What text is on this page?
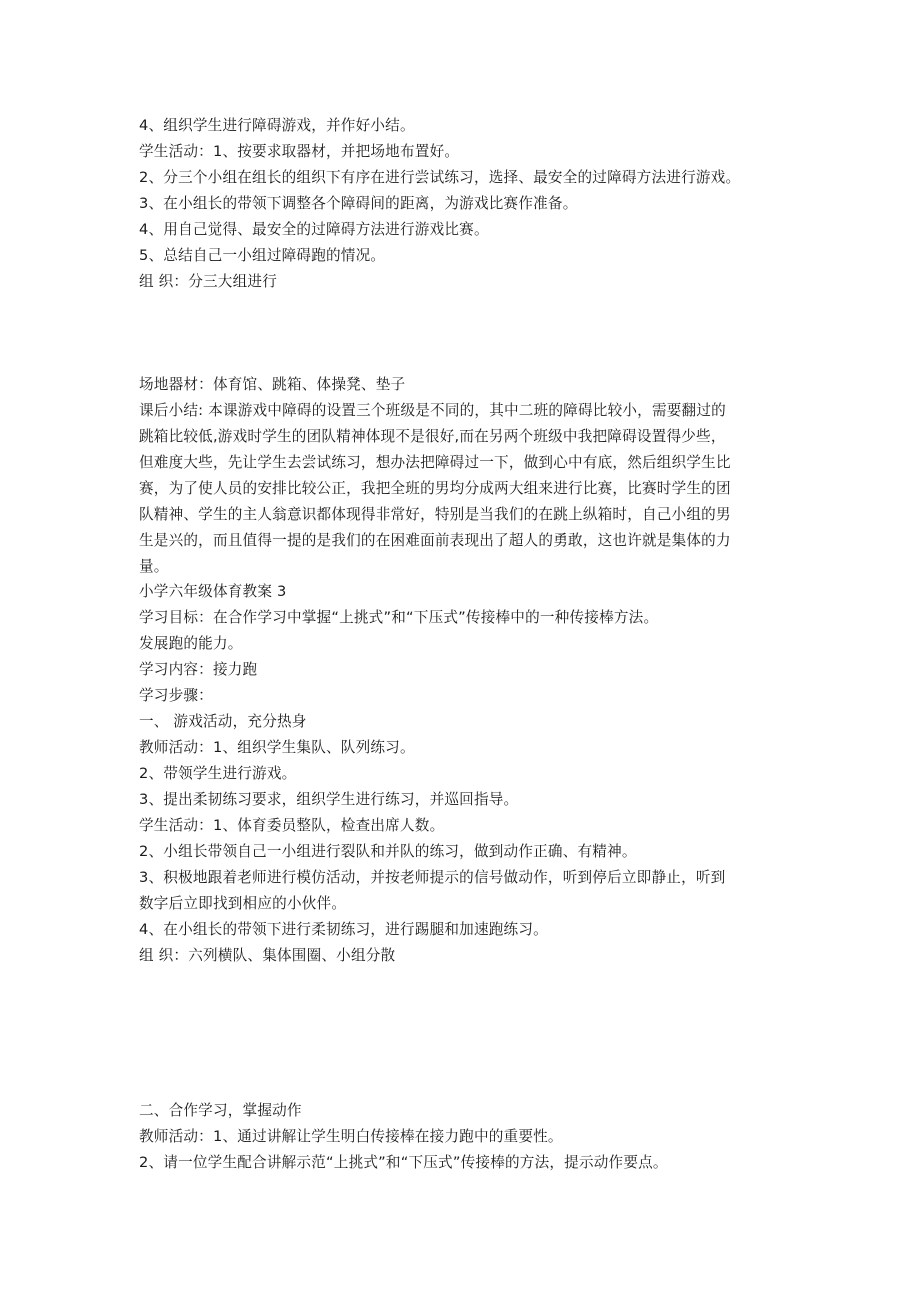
4、组织学生进行障碍游戏，并作好小结。
学生活动：1、按要求取器材，并把场地布置好。
2、分三个小组在组长的组织下有序在进行尝试练习，选择、最安全的过障碍方法进行游戏。
3、在小组长的带领下调整各个障碍间的距离，为游戏比赛作准备。
4、用自己觉得、最安全的过障碍方法进行游戏比赛。
5、总结自己一小组过障碍跑的情况。
组 织：分三大组进行
场地器材：体育馆、跳箱、体操凳、垫子
课后小结: 本课游戏中障碍的设置三个班级是不同的，其中二班的障碍比较小，需要翻过的
跳箱比较低,游戏时学生的团队精神体现不是很好,而在另两个班级中我把障碍设置得少些，
但难度大些，先让学生去尝试练习，想办法把障碍过一下，做到心中有底，然后组织学生比
赛，为了使人员的安排比较公正，我把全班的男均分成两大组来进行比赛，比赛时学生的团
队精神、学生的主人翁意识都体现得非常好，特别是当我们的在跳上纵箱时，自己小组的男
生是兴的，而且值得一提的是我们的在困难面前表现出了超人的勇敢，这也许就是集体的力
量。
小学六年级体育教案 3
学习目标：在合作学习中掌握“上挑式”和“下压式”传接棒中的一种传接棒方法。
发展跑的能力。
学习内容：接力跑
学习步骤：
一、 游戏活动，充分热身
教师活动：1、组织学生集队、队列练习。
2、带领学生进行游戏。
3、提出柔韧练习要求，组织学生进行练习，并巡回指导。
学生活动：1、体育委员整队，检查出席人数。
2、小组长带领自己一小组进行裂队和并队的练习，做到动作正确、有精神。
3、积极地跟着老师进行模仿活动，并按老师提示的信号做动作，听到停后立即静止，听到
数字后立即找到相应的小伙伴。
4、在小组长的带领下进行柔韧练习，进行踢腿和加速跑练习。
组 织：六列横队、集体围圈、小组分散
二、合作学习，掌握动作
教师活动：1、通过讲解让学生明白传接棒在接力跑中的重要性。
2、请一位学生配合讲解示范“上挑式”和“下压式”传接棒的方法，提示动作要点。
